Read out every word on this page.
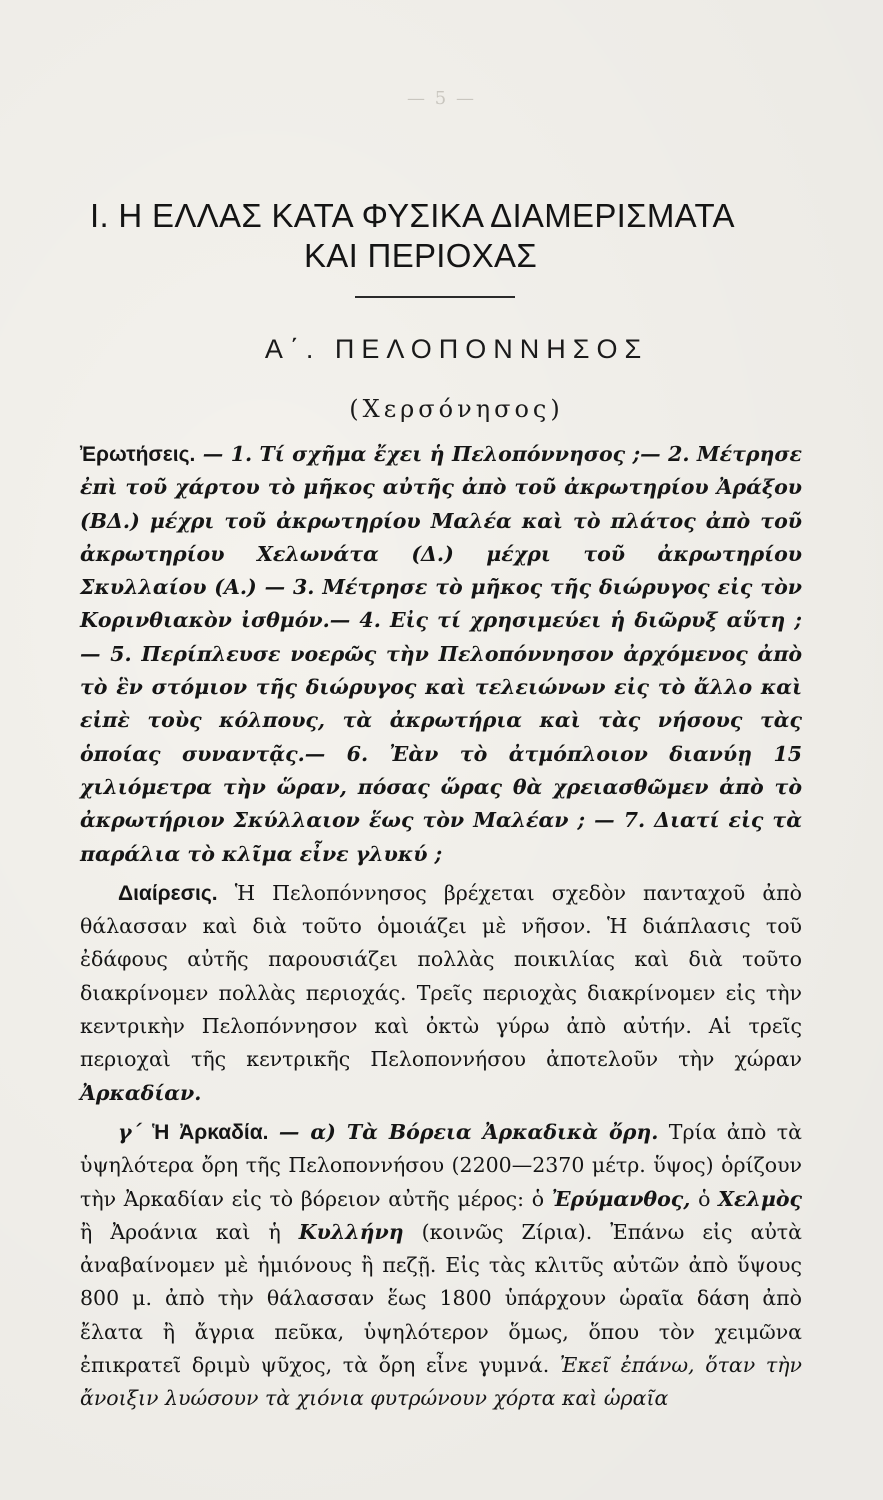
— 5 —
Ι. Η ΕΛΛΑΣ ΚΑΤΑ ΦΥΣΙΚΑ ΔΙΑΜΕΡΙΣΜΑΤΑ
ΚΑΙ ΠΕΡΙΟΧΑΣ
Α΄. ΠΕΛΟΠΟΝΝΗΣΟΣ
(Χερσόνησος)

Ἐρωτήσεις. — 1. Τί σχῆμα ἔχει ἡ Πελοπόννησος ;— 2. Μέτρησε ἐπὶ τοῦ χάρτου τὸ μῆκος αὐτῆς ἀπὸ τοῦ ἀκρωτηρίου Ἀράξου (ΒΔ.) μέχρι τοῦ ἀκρωτηρίου Μαλέα καὶ τὸ πλάτος ἀπὸ τοῦ ἀκρωτηρίου Χελωνάτα (Δ.) μέχρι τοῦ ἀκρωτηρίου Σκυλλαίου (Α.) — 3. Μέτρησε τὸ μῆκος τῆς διώρυγος εἰς τὸν Κορινθιακὸν ἰσθμόν.— 4. Εἰς τί χρησιμεύει ἡ διῶρυξ αὕτη ;— 5. Περίπλευσε νοερῶς τὴν Πελοπόννησον ἀρχόμενος ἀπὸ τὸ ἓν στόμιον τῆς διώρυγος καὶ τελειώνων εἰς τὸ ἄλλο καὶ εἰπὲ τοὺς κόλπους, τὰ ἀκρωτήρια καὶ τὰς νήσους τὰς ὁποίας συναντᾷς.— 6. Ἐὰν τὸ ἀτμόπλοιον διανύῃ 15 χιλιόμετρα τὴν ὥραν, πόσας ὥρας θὰ χρειασθῶμεν ἀπὸ τὸ ἀκρωτήριον Σκύλλαιον ἕως τὸν Μαλέαν ; — 7. Διατί εἰς τὰ παράλια τὸ κλῖμα εἶνε γλυκύ ;

Διαίρεσις. Ἡ Πελοπόννησος βρέχεται σχεδὸν πανταχοῦ ἀπὸ θάλασσαν καὶ διὰ τοῦτο ὁμοιάζει μὲ νῆσον. Ἡ διάπλασις τοῦ ἐδάφους αὐτῆς παρουσιάζει πολλὰς ποικιλίας καὶ διὰ τοῦτο διακρίνομεν πολλὰς περιοχάς. Τρεῖς περιοχὰς διακρίνομεν εἰς τὴν κεντρικὴν Πελοπόννησον καὶ ὀκτὼ γύρω ἀπὸ αὐτήν. Αἱ τρεῖς περιοχαὶ τῆς κεντρικῆς Πελοποννήσου ἀποτελοῦν τὴν χώραν Ἀρκαδίαν.

γ΄ Ἡ Ἀρκαδία. — α) Τὰ Βόρεια Ἀρκαδικὰ ὄρη. Τρία ἀπὸ τὰ ὑψηλότερα ὄρη τῆς Πελοποννήσου (2200—2370 μέτρ. ὕψος) ὁρίζουν τὴν Ἀρκαδίαν εἰς τὸ βόρειον αὐτῆς μέρος: ὁ Ἐρύμανθος, ὁ Χελμὸς ἢ Ἀροάνια καὶ ἡ Κυλλήνη (κοινῶς Ζίρια). Ἐπάνω εἰς αὐτὰ ἀναβαίνομεν μὲ ἡμιόνους ἢ πεζῇ. Εἰς τὰς κλιτῦς αὐτῶν ἀπὸ ὕψους 800 μ. ἀπὸ τὴν θάλασσαν ἕως 1800 ὑπάρχουν ὡραῖα δάση ἀπὸ ἔλατα ἢ ἄγρια πεῦκα, ὑψηλότερον ὅμως, ὅπου τὸν χειμῶνα ἐπικρατεῖ δριμὺ ψῦχος, τὰ ὄρη εἶνε γυμνά. Ἐκεῖ ἐπάνω, ὅταν τὴν ἄνοιξιν λυώσουν τὰ χιόνια φυτρώνουν χόρτα καὶ ὡραῖα
